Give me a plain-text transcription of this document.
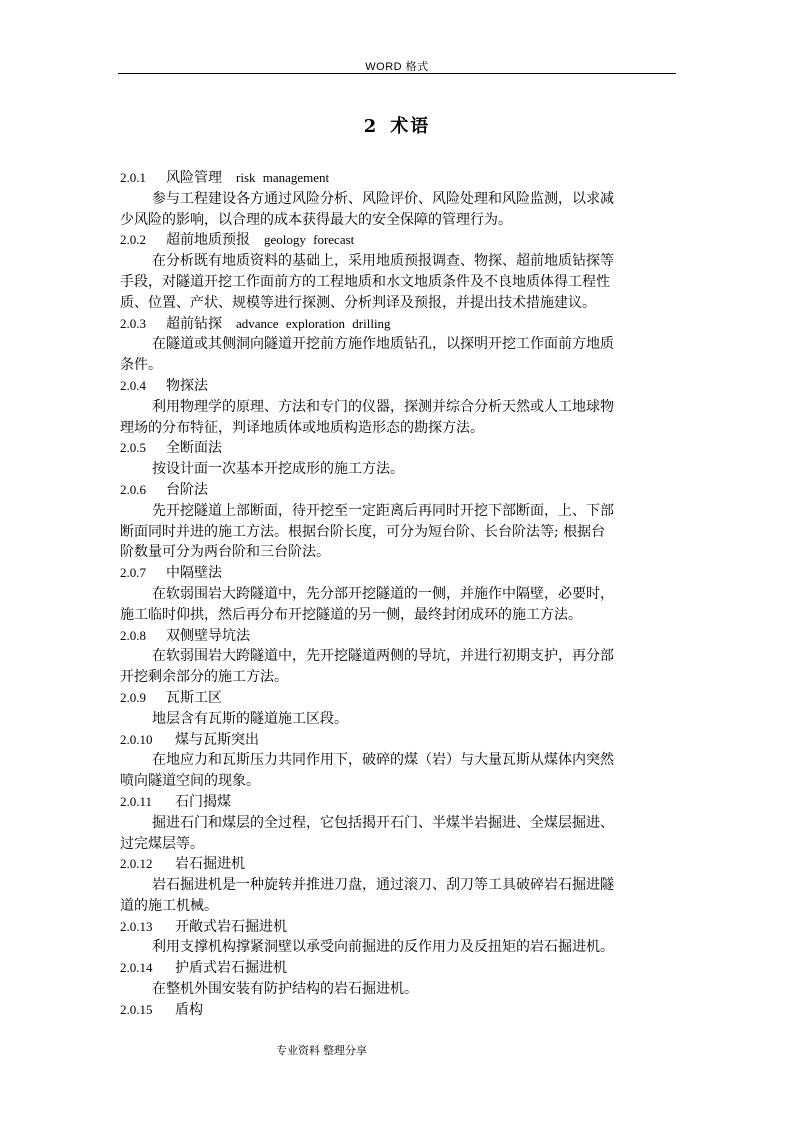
WORD 格式
2 术语
2.0.1 风险管理 risk management
参与工程建设各方通过风险分析、风险评价、风险处理和风险监测，以求减
少风险的影响，以合理的成本获得最大的安全保障的管理行为。
2.0.2 超前地质预报 geology forecast
在分析既有地质资料的基础上，采用地质预报调查、物探、超前地质钻探等
手段，对隧道开挖工作面前方的工程地质和水文地质条件及不良地质体得工程性
质、位置、产状、规模等进行探测、分析判译及预报，并提出技术措施建议。
2.0.3 超前钻探 advance exploration drilling
在隧道或其侧洞向隧道开挖前方施作地质钻孔，以探明开挖工作面前方地质
条件。
2.0.4 物探法
利用物理学的原理、方法和专门的仪器，探测并综合分析天然或人工地球物
理场的分布特征，判译地质体或地质构造形态的勘探方法。
2.0.5 全断面法
按设计面一次基本开挖成形的施工方法。
2.0.6 台阶法
先开挖隧道上部断面，待开挖至一定距离后再同时开挖下部断面，上、下部
断面同时并进的施工方法。根据台阶长度，可分为短台阶、长台阶法等; 根据台
阶数量可分为两台阶和三台阶法。
2.0.7 中隔壁法
在软弱围岩大跨隧道中，先分部开挖隧道的一侧，并施作中隔壁，必要时，
施工临时仰拱，然后再分布开挖隧道的另一侧，最终封闭成环的施工方法。
2.0.8 双侧壁导坑法
在软弱围岩大跨隧道中，先开挖隧道两侧的导坑，并进行初期支护，再分部
开挖剩余部分的施工方法。
2.0.9 瓦斯工区
地层含有瓦斯的隧道施工区段。
2.0.10 煤与瓦斯突出
在地应力和瓦斯压力共同作用下，破碎的煤（岩）与大量瓦斯从煤体内突然
喷向隧道空间的现象。
2.0.11 石门揭煤
掘进石门和煤层的全过程，它包括揭开石门、半煤半岩掘进、全煤层掘进、
过完煤层等。
2.0.12 岩石掘进机
岩石掘进机是一种旋转并推进刀盘，通过滚刀、刮刀等工具破碎岩石掘进隧
道的施工机械。
2.0.13 开敞式岩石掘进机
利用支撑机构撑紧洞壁以承受向前掘进的反作用力及反扭矩的岩石掘进机。
2.0.14 护盾式岩石掘进机
在整机外围安装有防护结构的岩石掘进机。
2.0.15 盾构
专业资料 整理分享
